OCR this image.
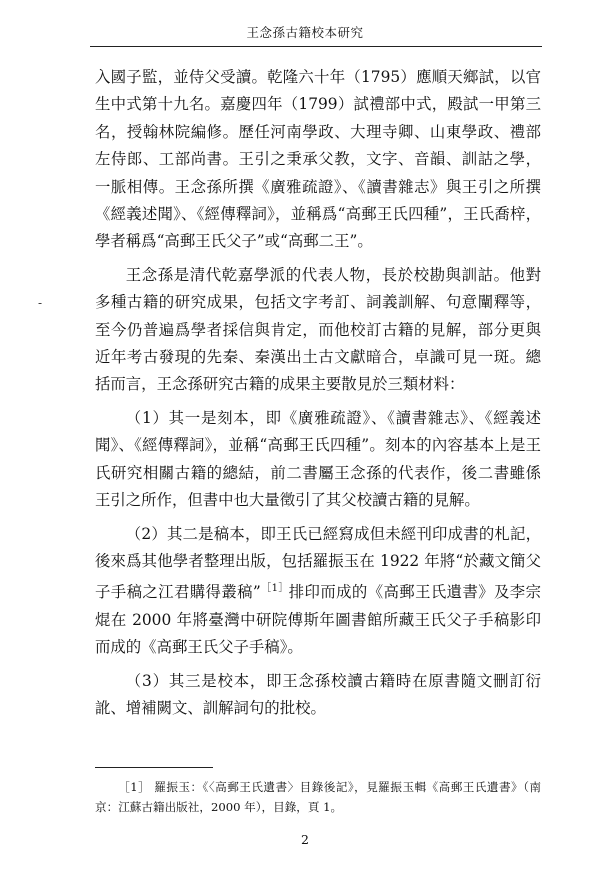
王念孫古籍校本研究
-

入國子監，並侍父受讀。乾隆六十年（1795）應順天鄉試，以官生中式第十九名。嘉慶四年（1799）試禮部中式，殿試一甲第三名，授翰林院編修。歷任河南學政、大理寺卿、山東學政、禮部左侍郎、工部尚書。王引之秉承父教，文字、音韻、訓詁之學，一脈相傳。王念孫所撰《廣雅疏證》、《讀書雜志》與王引之所撰《經義述聞》、《經傳釋詞》，並稱爲“高郵王氏四種”，王氏喬梓，學者稱爲“高郵王氏父子”或“高郵二王”。

王念孫是清代乾嘉學派的代表人物，長於校勘與訓詁。他對多種古籍的研究成果，包括文字考訂、詞義訓解、句意闡釋等，至今仍普遍爲學者採信與肯定，而他校訂古籍的見解，部分更與近年考古發現的先秦、秦漢出土古文獻暗合，卓識可見一斑。總括而言，王念孫研究古籍的成果主要散見於三類材料：

（1）其一是刻本，即《廣雅疏證》、《讀書雜志》、《經義述聞》、《經傳釋詞》，並稱“高郵王氏四種”。刻本的內容基本上是王氏研究相關古籍的總結，前二書屬王念孫的代表作，後二書雖係王引之所作，但書中也大量徵引了其父校讀古籍的見解。

（2）其二是稿本，即王氏已經寫成但未經刊印成書的札記，後來爲其他學者整理出版，包括羅振玉在 1922 年將“於藏文簡父子手稿之江君購得叢稿”$^{[1]}$排印而成的《高郵王氏遺書》及李宗焜在 2000 年將臺灣中研院傅斯年圖書館所藏王氏父子手稿影印而成的《高郵王氏父子手稿》。

（3）其三是校本，即王念孫校讀古籍時在原書隨文刪訂衍訛、增補闕文、訓解詞句的批校。

［1］ 羅振玉：《〈高郵王氏遺書〉目錄後記》，見羅振玉輯《高郵王氏遺書》（南京：江蘇古籍出版社，2000 年），目錄，頁 1。
2
